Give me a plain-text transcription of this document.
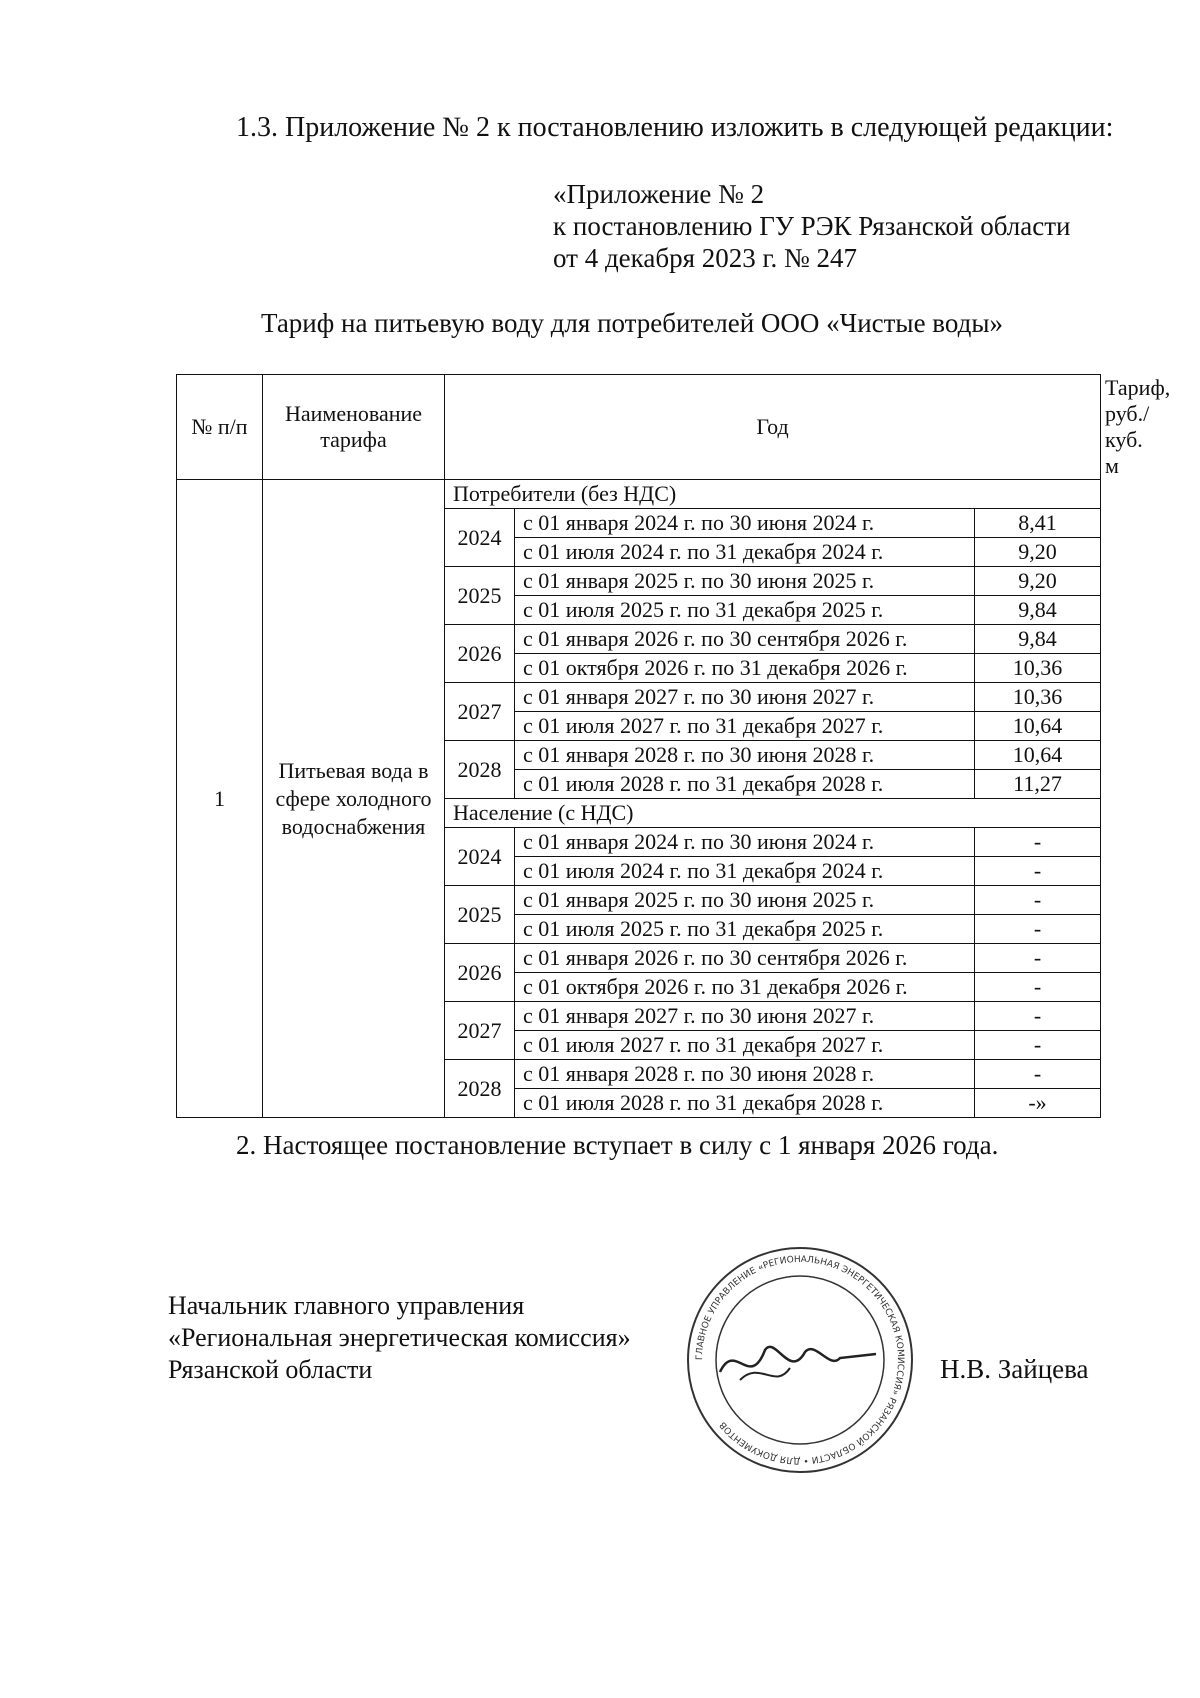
1.3. Приложение № 2 к постановлению изложить в следующей редакции:
«Приложение № 2
к постановлению ГУ РЭК Рязанской области
от 4 декабря 2023 г. № 247
Тариф на питьевую воду для потребителей ООО «Чистые воды»
№ п/п	Наименование тарифа	Год			Тариф, руб./куб. м
1	Питьевая вода в сфере холодного водоснабжения	Потребители (без НДС)			
		2024	с 01 января 2024 г. по 30 июня 2024 г.	8,41	
			с 01 июля 2024 г. по 31 декабря 2024 г.	9,20	
		2025	с 01 января 2025 г. по 30 июня 2025 г.	9,20	
			с 01 июля 2025 г. по 31 декабря 2025 г.	9,84	
		2026	с 01 января 2026 г. по 30 сентября 2026 г.	9,84	
			с 01 октября 2026 г. по 31 декабря 2026 г.	10,36	
		2027	с 01 января 2027 г. по 30 июня 2027 г.	10,36	
			с 01 июля 2027 г. по 31 декабря 2027 г.	10,64	
		2028	с 01 января 2028 г. по 30 июня 2028 г.	10,64	
			с 01 июля 2028 г. по 31 декабря 2028 г.	11,27	
		Население (с НДС)			
		2024	с 01 января 2024 г. по 30 июня 2024 г.	-	
			с 01 июля 2024 г. по 31 декабря 2024 г.	-	
		2025	с 01 января 2025 г. по 30 июня 2025 г.	-	
			с 01 июля 2025 г. по 31 декабря 2025 г.	-	
		2026	с 01 января 2026 г. по 30 сентября 2026 г.	-	
			с 01 октября 2026 г. по 31 декабря 2026 г.	-	
		2027	с 01 января 2027 г. по 30 июня 2027 г.	-	
			с 01 июля 2027 г. по 31 декабря 2027 г.	-	
		2028	с 01 января 2028 г. по 30 июня 2028 г.	-	
			с 01 июля 2028 г. по 31 декабря 2028 г.	-»	
2. Настоящее постановление вступает в силу с 1 января 2026 года.
Начальник главного управления
«Региональная энергетическая комиссия»
Рязанской области	Н.В. Зайцева
ГЛАВНОЕ УПРАВЛЕНИЕ «РЕГИОНАЛЬНАЯ ЭНЕРГЕТИЧЕСКАЯ КОМИССИЯ» РЯЗАНСКОЙ ОБЛАСТИ • ДЛЯ ДОКУМЕНТОВ
